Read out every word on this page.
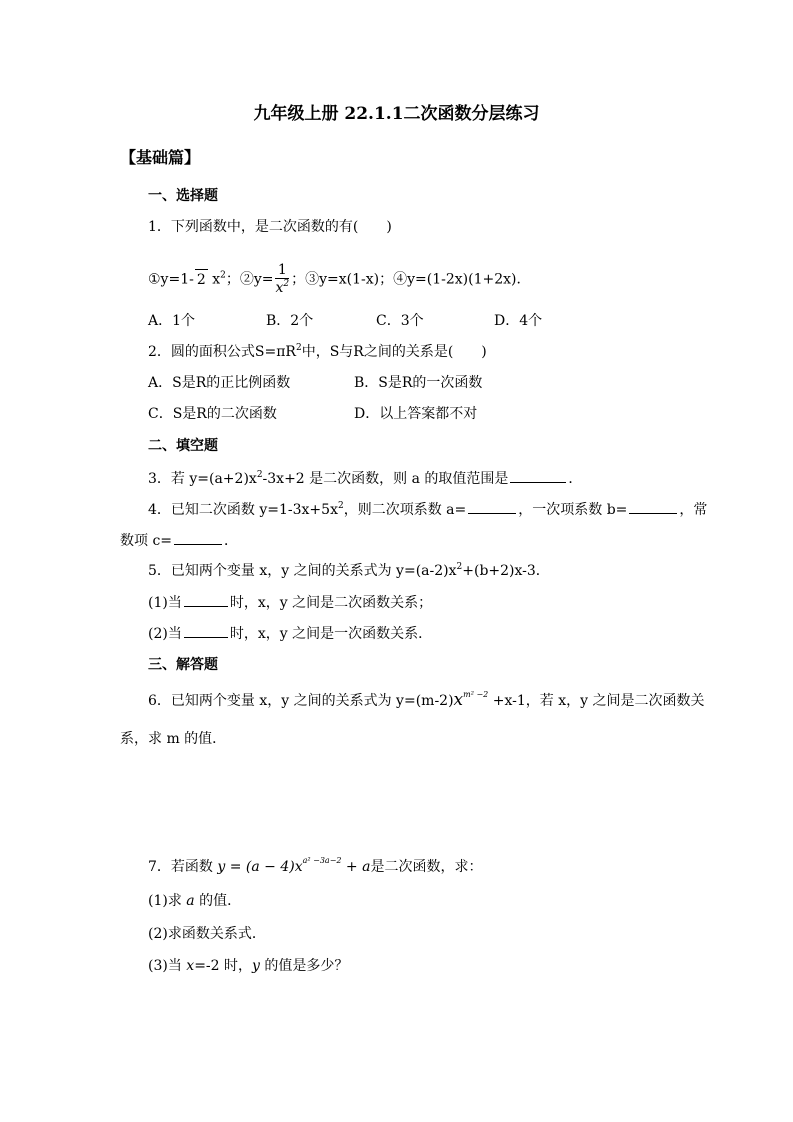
九年级上册 22.1.1二次函数分层练习
【基础篇】
一、选择题
1．下列函数中，是二次函数的有(　　)
①y=1- 2 $x^2$；②y= $\frac{1}{x^2}$ ；③y=x(1-x)；④y=(1-2x)(1+2x)．
A．1个	B．2个	C．3个	D．4个
2．圆的面积公式$S=\pi R^2$中，S与R之间的关系是(　　)
A．S是R的正比例函数	B．S是R的一次函数
C．S是R的二次函数	D．以上答案都不对
二、填空题
3．若 $y=(a+2)x^2-3x+2$ 是二次函数，则 a 的取值范围是	．
4．已知二次函数 $y=1-3x+5x^2$，则二次项系数 a=	，一次项系数 b=	，常
数项 c=	．
5．已知两个变量 x，y 之间的关系式为 $y=(a-2)x^2+(b+2)x-3$．
(1)当	时，x，y 之间是二次函数关系；
(2)当	时，x，y 之间是一次函数关系．
三、解答题
6．已知两个变量 x，y 之间的关系式为 $y=(m-2)x^{m^2 -2} +x-1$，若 x，y 之间是二次函数关
系，求 m 的值．
7．若函数 $y = (a - 4)x^{a^2 -3a-2} + a$是二次函数，求：
(1)求 a 的值．
(2)求函数关系式．
(3)当 x=-2 时，y 的值是多少？
